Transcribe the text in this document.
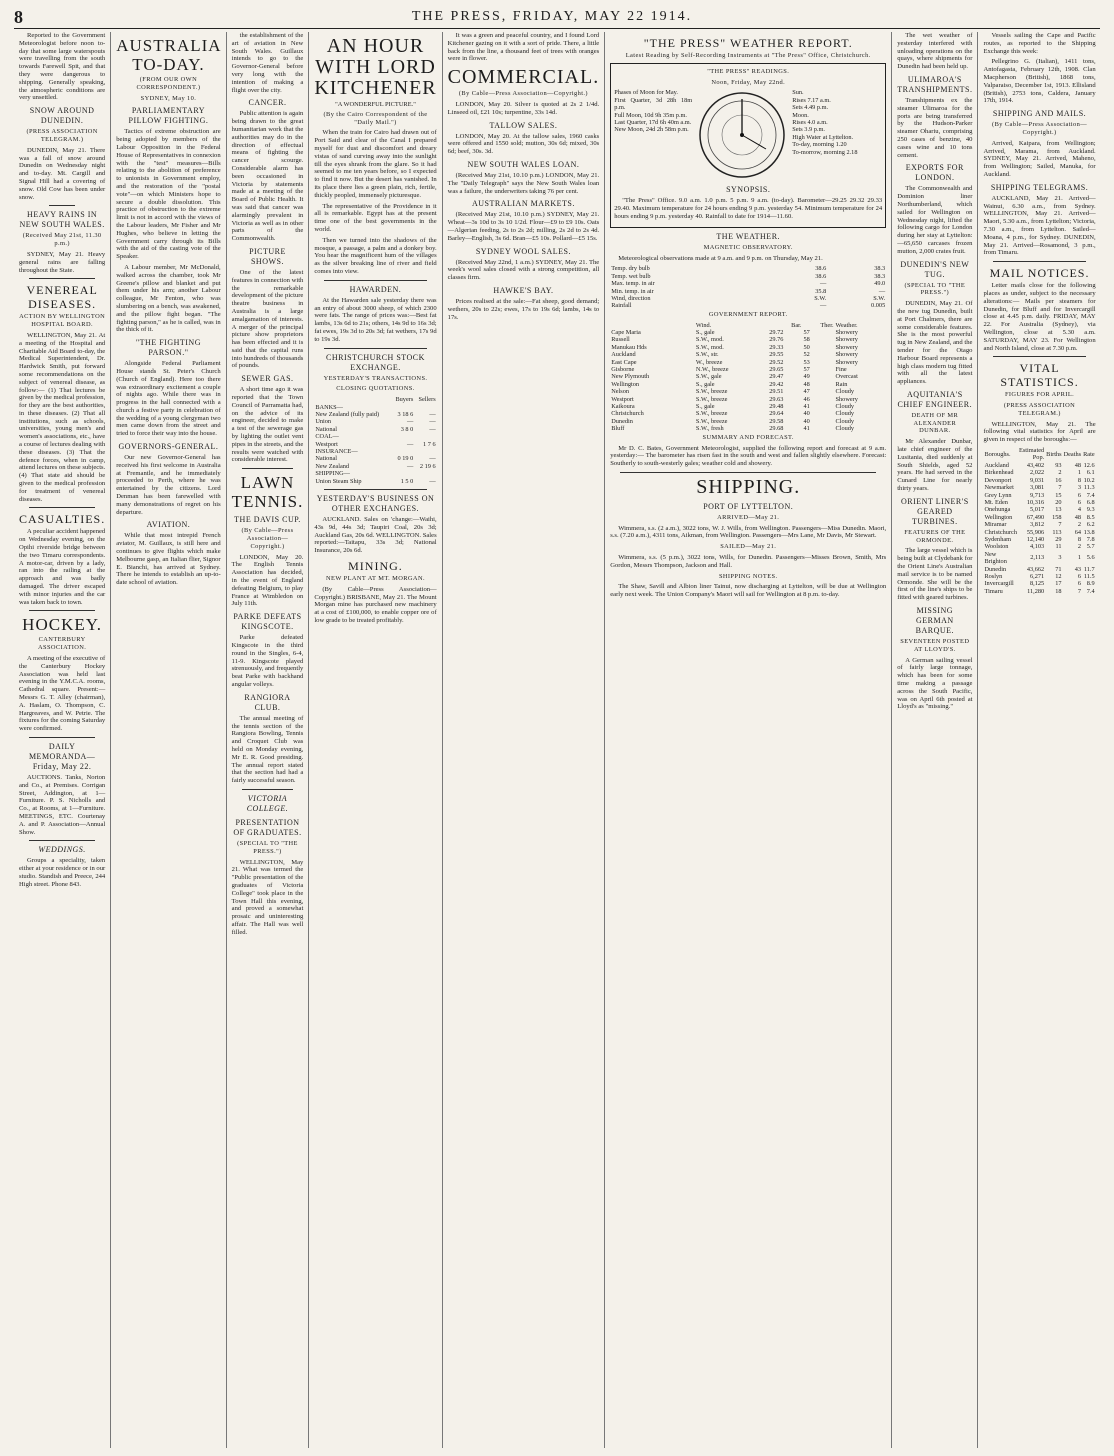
8	THE PRESS, FRIDAY, MAY 22 1914.

Reported to the Government Meteorologist before noon to-day that some large waterspouts were travelling from the south towards Farewell Spit, and that they were dangerous to shipping. Generally speaking, the atmospheric conditions are very unsettled.

SNOW AROUND DUNEDIN.
(PRESS ASSOCIATION TELEGRAM.)

DUNEDIN, May 21. There was a fall of snow around Dunedin on Wednesday night and to-day. Mt. Cargill and Signal Hill had a covering of snow. Old Cow has been under snow.

HEAVY RAINS IN NEW SOUTH WALES.
(Received May 21st, 11.30 p.m.)

SYDNEY, May 21. Heavy general rains are falling throughout the State.

VENEREAL DISEASES.
ACTION BY WELLINGTON HOSPITAL BOARD.

WELLINGTON, May 21. At a meeting of the Hospital and Charitable Aid Board to-day, the Medical Superintendent, Dr. Hardwick Smith, put forward some recommendations on the subject of venereal disease, as follow:— (1) That lectures be given by the medical profession, for they are the best authorities, in these diseases. (2) That all institutions, such as schools, universities, young men's and women's associations, etc., have a course of lectures dealing with these diseases. (3) That the defence forces, when in camp, attend lectures on these subjects. (4) That state aid should be given to the medical profession for treatment of venereal diseases.

CASUALTIES.

A peculiar accident happened on Wednesday evening, on the Opihi riverside bridge between the two Timaru correspondents. A motor-car, driven by a lady, ran into the railing at the approach and was badly damaged. The driver escaped with minor injuries and the car was taken back to town.

HOCKEY.
CANTERBURY ASSOCIATION.

A meeting of the executive of the Canterbury Hockey Association was held last evening in the Y.M.C.A. rooms, Cathedral square. Present:— Messrs G. T. Alley (chairman), A. Haslam, O. Thompson, C. Hargreaves, and W. Petrie. The fixtures for the coming Saturday were confirmed.

DAILY MEMORANDA—Friday, May 22.

AUCTIONS. Tanks, Norton and Co., at Premises. Corrigan Street, Addington, at 1—Furniture. P. S. Nicholls and Co., at Rooms, at 1—Furniture. MEETINGS, ETC. Courtenay A. and P. Association—Annual Show.

WEDDINGS.

Groups a speciality, taken either at your residence or in our studio. Standish and Preece, 244 High street. Phone 843.

AUSTRALIA TO-DAY.
(FROM OUR OWN CORRESPONDENT.)
SYDNEY, May 10.
PARLIAMENTARY PILLOW FIGHTING.

Tactics of extreme obstruction are being adopted by members of the Labour Opposition in the Federal House of Representatives in connexion with the "test" measures—Bills relating to the abolition of preference to unionists in Government employ, and the restoration of the "postal vote"—on which Ministers hope to secure a double dissolution. This practice of obstruction to the extreme limit is not in accord with the views of the Labour leaders, Mr Fisher and Mr Hughes, who believe in letting the Government carry through its Bills with the aid of the casting vote of the Speaker.

A Labour member, Mr McDonald, walked across the chamber, took Mr Greene's pillow and blanket and put them under his arm; another Labour colleague, Mr Fenton, who was slumbering on a bench, was awakened, and the pillow fight began. "The fighting parson," as he is called, was in the thick of it.

"THE FIGHTING PARSON."

Alongside Federal Parliament House stands St. Peter's Church (Church of England). Here too there was extraordinary excitement a couple of nights ago. While there was in progress in the hall connected with a church a festive party in celebration of the wedding of a young clergyman two men came down from the street and tried to force their way into the house.

GOVERNORS-GENERAL.

Our new Governor-General has received his first welcome in Australia at Fremantle, and he immediately proceeded to Perth, where he was entertained by the citizens. Lord Denman has been farewelled with many demonstrations of regret on his departure.

AVIATION.

While that most intrepid French aviator, M. Guillaux, is still here and continues to give flights which make Melbourne gasp, an Italian flier, Signor E. Bianchi, has arrived at Sydney. There he intends to establish an up-to-date school of aviation.

the establishment of the art of aviation in New South Wales. Guillaux intends to go to the Governor-General before very long with the intention of making a flight over the city.

CANCER.

Public attention is again being drawn to the great humanitarian work that the authorities may do in the direction of effectual means of fighting the cancer scourge. Considerable alarm has been occasioned in Victoria by statements made at a meeting of the Board of Public Health. It was said that cancer was alarmingly prevalent in Victoria as well as in other parts of the Commonwealth.

PICTURE SHOWS.

One of the latest features in connection with the remarkable development of the picture theatre business in Australia is a large amalgamation of interests. A merger of the principal picture show proprietors has been effected and it is said that the capital runs into hundreds of thousands of pounds.

SEWER GAS.

A short time ago it was reported that the Town Council of Parramatta had, on the advice of its engineer, decided to make a test of the sewerage gas by lighting the outlet vent pipes in the streets, and the results were watched with considerable interest.

LAWN TENNIS.
THE DAVIS CUP.
(By Cable—Press Association—Copyright.)

LONDON, May 20. The English Tennis Association has decided, in the event of England defeating Belgium, to play France at Wimbledon on July 11th.

PARKE DEFEATS KINGSCOTE.

Parke defeated Kingscote in the third round in the Singles, 6-4, 11-9. Kingscote played strenuously, and frequently beat Parke with backhand angular volleys.

RANGIORA CLUB.

The annual meeting of the tennis section of the Rangiora Bowling, Tennis and Croquet Club was held on Monday evening, Mr E. R. Good presiding. The annual report stated that the section had had a fairly successful season.

VICTORIA COLLEGE.
PRESENTATION OF GRADUATES.
(SPECIAL TO "THE PRESS.")

WELLINGTON, May 21. What was termed the "Public presentation of the graduates of Victoria College" took place in the Town Hall this evening, and proved a somewhat prosaic and uninteresting affair. The Hall was well filled.

AN HOUR WITH LORD KITCHENER
"A WONDERFUL PICTURE."
(By the Cairo Correspondent of the "Daily Mail.")

When the train for Cairo had drawn out of Port Said and clear of the Canal I prepared myself for dust and discomfort and dreary vistas of sand curving away into the sunlight till the eyes shrank from the glare. So it had seemed to me ten years before, so I expected to find it now. But the desert has vanished. In its place there lies a green plain, rich, fertile, thickly peopled, immensely picturesque.

The representative of the Providence in it all is remarkable. Egypt has at the present time one of the best governments in the world.

Then we turned into the shadows of the mosque, a passage, a palm and a donkey boy. You hear the magnificent hum of the villages as the silver breaking line of river and field comes into view.

HAWARDEN.

At the Hawarden sale yesterday there was an entry of about 3000 sheep, of which 2300 were fats. The range of prices was:—Best fat lambs, 13s 6d to 21s; others, 14s 9d to 16s 3d; fat ewes, 19s 3d to 20s 3d; fat wethers, 17s 9d to 19s 3d.

CHRISTCHURCH STOCK EXCHANGE.
YESTERDAY'S TRANSACTIONS.
CLOSING QUOTATIONS.
	Buyers	Sellers
BANKS—		
New Zealand (fully paid)	3 18 6	—
Union	—	—
National	3 8 0	—
COAL—		
Westport	—	1 7 6
INSURANCE—		
National	0 19 0	—
New Zealand	—	2 19 6
SHIPPING—		
Union Steam Ship	1 5 0	—
YESTERDAY'S BUSINESS ON OTHER EXCHANGES.

AUCKLAND. Sales on 'change:—Waihi, 43s 9d, 44s 3d; Taupiri Coal, 20s 3d; Auckland Gas, 20s 6d. WELLINGTON. Sales reported:—Taitapu, 33s 3d; National Insurance, 20s 6d.

MINING.
NEW PLANT AT MT. MORGAN.

(By Cable—Press Association—Copyright.) BRISBANE, May 21. The Mount Morgan mine has purchased new machinery at a cost of £100,000, to enable copper ore of low grade to be treated profitably.

It was a green and peaceful country, and I found Lord Kitchener gazing on it with a sort of pride. There, a little back from the line, a thousand feet of trees with oranges were in flower.

COMMERCIAL.
(By Cable—Press Association—Copyright.)

LONDON, May 20. Silver is quoted at 2s 2 1/4d. Linseed oil, £21 10s; turpentine, 33s 14d.

TALLOW SALES.

LONDON, May 20. At the tallow sales, 1960 casks were offered and 1550 sold; mutton, 30s 6d; mixed, 30s 6d; beef, 30s. 3d.

NEW SOUTH WALES LOAN.

(Received May 21st, 10.10 p.m.) LONDON, May 21. The "Daily Telegraph" says the New South Wales loan was a failure, the underwriters taking 76 per cent.

AUSTRALIAN MARKETS.

(Received May 21st, 10.10 p.m.) SYDNEY, May 21. Wheat—3s 10d to 3s 10 1/2d. Flour—£9 to £9 10s. Oats—Algerian feeding, 2s to 2s 2d; milling, 2s 2d to 2s 4d. Barley—English, 3s 6d. Bran—£5 10s. Pollard—£5 15s.

SYDNEY WOOL SALES.

(Received May 22nd, 1 a.m.) SYDNEY, May 21. The week's wool sales closed with a strong competition, all classes firm.

HAWKE'S BAY.

Prices realised at the sale:—Fat sheep, good demand; wethers, 20s to 22s; ewes, 17s to 19s 6d; lambs, 14s to 17s.

"THE PRESS" WEATHER REPORT.
Latest Reading by Self-Recording Instruments at "The Press" Office, Christchurch.
"THE PRESS" READINGS.
Noon, Friday, May 22nd.
Phases of Moon for May.
First Quarter, 3d 28h 18m p.m.
Full Moon, 10d 9h 35m p.m.
Last Quarter, 17d 6h 40m a.m.
New Moon, 24d 2h 58m p.m.
Sun.
Rises 7.17 a.m.
Sets 4.49 p.m.
Moon.
Rises 4.0 a.m.
Sets 3.9 p.m.
High Water at Lyttelton.
To-day, morning 1.20
To-morrow, morning 2.18
SYNOPSIS.

"The Press" Office. 9.0 a.m. 1.0 p.m. 5 p.m. 9 a.m. (to-day). Barometer—29.25 29.32 29.33 29.40. Maximum temperature for 24 hours ending 9 p.m. yesterday 54. Minimum temperature for 24 hours ending 9 p.m. yesterday 40. Rainfall to date for 1914—11.60.

THE WEATHER.
MAGNETIC OBSERVATORY.

Meteorological observations made at 9 a.m. and 9 p.m. on Thursday, May 21.

Temp. dry bulb	38.6	38.3
Temp. wet bulb	38.6	38.3
Max. temp. in air	—	49.0
Min. temp. in air	35.8	—
Wind, direction	S.W.	S.W.
Rainfall	—	0.005
GOVERNMENT REPORT.
	Wind.	Bar.	Ther.	Weather.
Cape Maria	S., gale	29.72	57	Showery
Russell	S.W., mod.	29.76	58	Showery
Manukau Hds	S.W., mod.	29.33	50	Showery
Auckland	S.W., str.	29.55	52	Showery
East Cape	W., breeze	29.52	53	Showery
Gisborne	N.W., breeze	29.65	57	Fine
New Plymouth	S.W., gale	29.47	49	Overcast
Wellington	S., gale	29.42	48	Rain
Nelson	S.W., breeze	29.51	47	Cloudy
Westport	S.W., breeze	29.63	46	Showery
Kaikoura	S., gale	29.48	41	Cloudy
Christchurch	S.W., breeze	29.64	40	Cloudy
Dunedin	S.W., breeze	29.58	40	Cloudy
Bluff	S.W., fresh	29.68	41	Cloudy
SUMMARY AND FORECAST.

Mr D. C. Bates, Government Meteorologist, supplied the following report and forecast at 9 a.m. yesterday:— The barometer has risen fast in the south and west and fallen slightly elsewhere. Forecast: Southerly to south-westerly gales; weather cold and showery.

SHIPPING.
PORT OF LYTTELTON.
ARRIVED—May 21.

Wimmera, s.s. (2 a.m.), 3022 tons, W. J. Wills, from Wellington. Passengers—Miss Dunedin. Maori, s.s. (7.20 a.m.), 4311 tons, Aikman, from Wellington. Passengers—Mrs Lane, Mr Davis, Mr Stewart.

SAILED—May 21.

Wimmera, s.s. (5 p.m.), 3022 tons, Wills, for Dunedin. Passengers—Misses Brown, Smith, Mrs Gordon, Messrs Thompson, Jackson and Hall.

SHIPPING NOTES.

The Shaw, Savill and Albion liner Tainui, now discharging at Lyttelton, will be due at Wellington early next week. The Union Company's Maori will sail for Wellington at 8 p.m. to-day.

The wet weather of yesterday interfered with unloading operations on the quays, where shipments for Dunedin had been held up.

ULIMAROA'S TRANSHIPMENTS.

Transhipments ex the steamer Ulimaroa for the ports are being transferred by the Hudson-Parker steamer Ohariu, comprising 250 cases of benzine, 40 cases wine and 10 tons cement.

EXPORTS FOR LONDON.

The Commonwealth and Dominion liner Northumberland, which sailed for Wellington on Wednesday night, lifted the following cargo for London during her stay at Lyttelton:—65,650 carcases frozen mutton, 2,000 crates fruit.

DUNEDIN'S NEW TUG.
(SPECIAL TO "THE PRESS.")

DUNEDIN, May 21. Of the new tug Dunedin, built at Port Chalmers, there are some considerable features. She is the most powerful tug in New Zealand, and the tender for the Otago Harbour Board represents a high class modern tug fitted with all the latest appliances.

AQUITANIA'S CHIEF ENGINEER.
DEATH OF MR ALEXANDER DUNBAR.

Mr Alexander Dunbar, late chief engineer of the Lusitania, died suddenly at South Shields, aged 52 years. He had served in the Cunard Line for nearly thirty years.

ORIENT LINER'S GEARED TURBINES.
FEATURES OF THE ORMONDE.

The large vessel which is being built at Clydebank for the Orient Line's Australian mail service is to be named Ormonde. She will be the first of the line's ships to be fitted with geared turbines.

MISSING GERMAN BARQUE.
SEVENTEEN POSTED AT LLOYD'S.

A German sailing vessel of fairly large tonnage, which has been for some time making a passage across the South Pacific, was on April 6th posted at Lloyd's as "missing."

Vessels sailing the Cape and Pacific routes, as reported to the Shipping Exchange this week:

Pellegrino G. (Italian), 1411 tons, Antofagasta, February 12th, 1908. Clan Macpherson (British), 1868 tons, Valparaiso, December 1st, 1913. Ellisland (British), 2753 tons, Caldera, January 17th, 1914.

SHIPPING AND MAILS.
(By Cable—Press Association—Copyright.)

Arrived, Kaipara, from Wellington; Arrived, Marama, from Auckland. SYDNEY, May 21. Arrived, Maheno, from Wellington; Sailed, Manuka, for Auckland.

SHIPPING TELEGRAMS.

AUCKLAND, May 21. Arrived—Wainui, 6.30 a.m., from Sydney. WELLINGTON, May 21. Arrived—Maori, 5.30 a.m., from Lyttelton; Victoria, 7.30 a.m., from Lyttelton. Sailed—Moana, 4 p.m., for Sydney. DUNEDIN, May 21. Arrived—Rosamond, 3 p.m., from Timaru.

MAIL NOTICES.

Letter mails close for the following places as under, subject to the necessary alterations:— Mails per steamers for Dunedin, for Bluff and for Invercargill close at 4.45 p.m. daily. FRIDAY, MAY 22. For Australia (Sydney), via Wellington, close at 5.30 a.m. SATURDAY, MAY 23. For Wellington and North Island, close at 7.30 p.m.

VITAL STATISTICS.
FIGURES FOR APRIL.
(PRESS ASSOCIATION TELEGRAM.)

WELLINGTON, May 21. The following vital statistics for April are given in respect of the boroughs:—

Boroughs.	Estimated Pop.	Births	Deaths	Rate
Auckland	43,402	93	48	12.6
Birkenhead	2,022	2	1	6.1
Devonport	9,031	16	8	10.2
Newmarket	3,081	7	3	11.3
Grey Lynn	9,713	15	6	7.4
Mt. Eden	10,316	20	6	6.8
Onehunga	5,017	13	4	9.3
Wellington	67,490	158	48	8.5
Miramar	3,812	7	2	6.2
Christchurch	55,906	113	64	13.8
Sydenham	12,140	29	8	7.8
Woolston	4,103	11	2	5.7
New Brighton	2,113	3	1	5.6
Dunedin	43,662	71	43	11.7
Roslyn	6,271	12	6	11.5
Invercargill	8,125	17	6	8.9
Timaru	11,280	18	7	7.4
